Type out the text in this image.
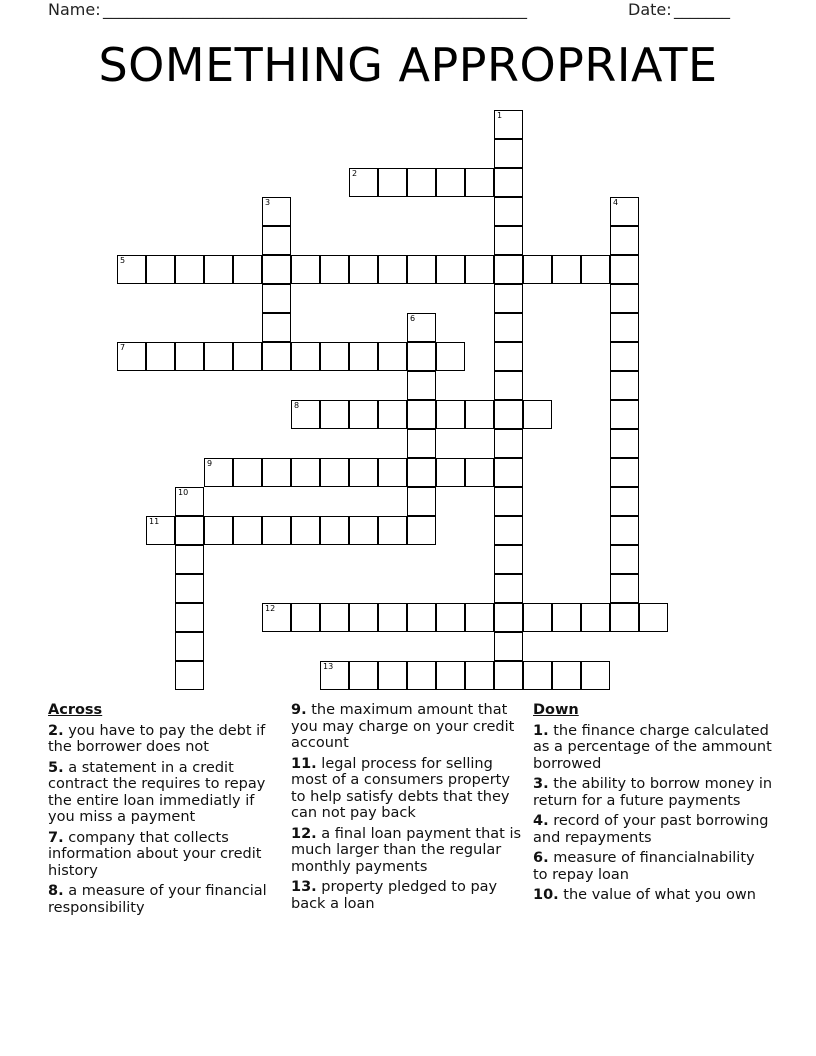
Name: _____________________________________________________	Date: _______
SOMETHING APPROPRIATE
1
2
3	4
5
6
7
8
9
10
11
12
13
Across
2. you have to pay the debt if the borrower does not
5. a statement in a credit contract the requires to repay the entire loan immediatly if you miss a payment
7. company that collects information about your credit history
8. a measure of your financial responsibility
9. the maximum amount that you may charge on your credit account
11. legal process for selling most of a consumers property to help satisfy debts that they can not pay back
12. a final loan payment that is much larger than the regular monthly payments
13. property pledged to pay back a loan
Down
1. the finance charge calculated as a percentage of the ammount borrowed
3. the ability to borrow money in return for a future payments
4. record of your past borrowing and repayments
6. measure of financialnability to repay loan
10. the value of what you own
